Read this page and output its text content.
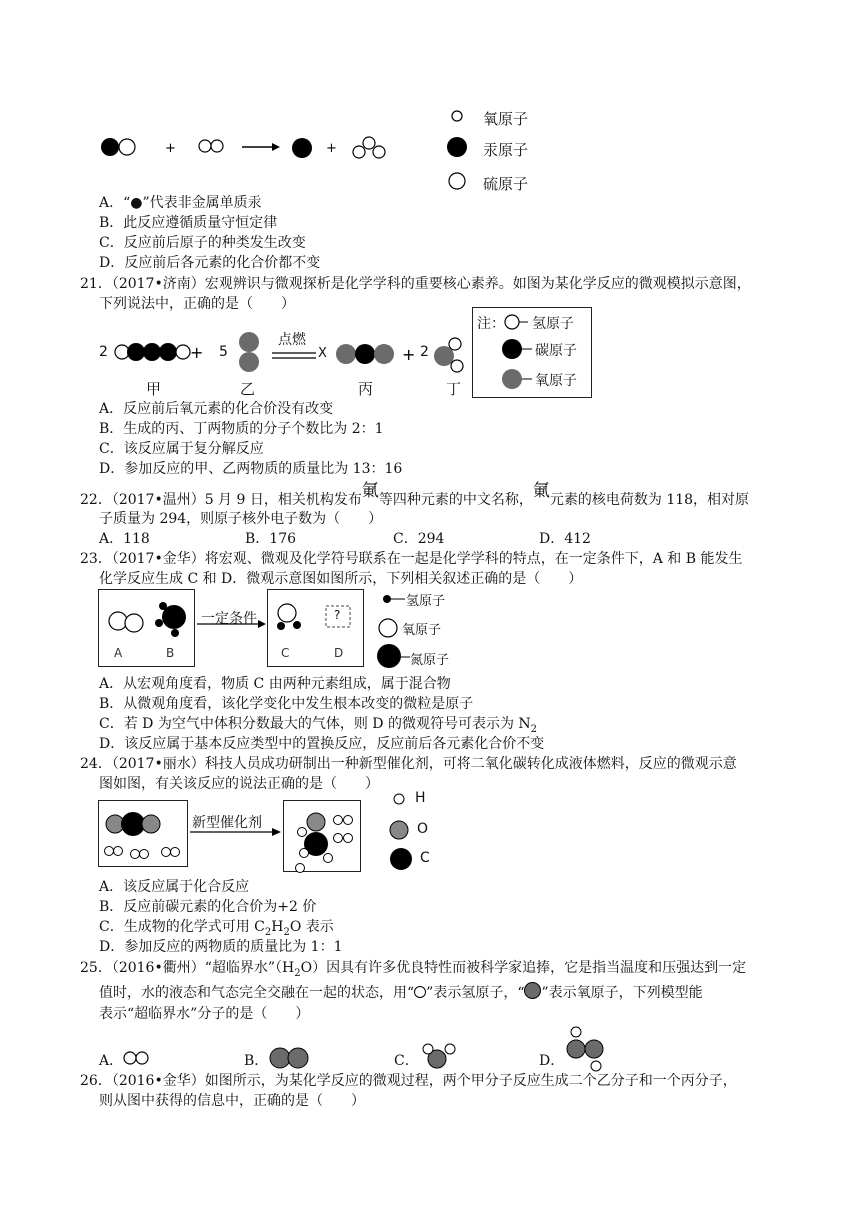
+	+
氧原子
汞原子
硫原子
A．“●”代表非金属单质汞
B．此反应遵循质量守恒定律
C．反应前后原子的种类发生改变
D．反应前后各元素的化合价都不变
21．（2017•济南）宏观辨识与微观探析是化学学科的重要核心素养。如图为某化学反应的微观模拟示意图，
下列说法中，正确的是（　　）
+	+
2	5
点燃
X	2
甲	乙	丙	丁
注： 氢原子
碳原子
氧原子
A．反应前后氧元素的化合价没有改变
B．生成的丙、丁两物质的分子个数比为 2：1
C．该反应属于复分解反应
D．参加反应的甲、乙两物质的质量比为 13：16
22．（2017•温州）5 月 9 日，相关机构发布氭等四种元素的中文名称，氭元素的核电荷数为 118，相对原
子质量为 294，则原子核外电子数为（　　）
A．118	B．176	C．294	D．412
23．（2017•金华）将宏观、微观及化学符号联系在一起是化学学科的特点，在一定条件下，A 和 B 能发生
化学反应生成 C 和 D．微观示意图如图所示，下列相关叙述正确的是（　　）
一定条件	?
A	B	C	D
氢原子
氧原子
氮原子
A．从宏观角度看，物质 C 由两种元素组成，属于混合物
B．从微观角度看，该化学变化中发生根本改变的微粒是原子
C．若 D 为空气中体积分数最大的气体，则 D 的微观符号可表示为 $N_2$
D．该反应属于基本反应类型中的置换反应，反应前后各元素化合价不变
24．（2017•丽水）科技人员成功研制出一种新型催化剂，可将二氧化碳转化成液体燃料，反应的微观示意
图如图，有关该反应的说法正确的是（　　）
新型催化剂
H
O
C
A．该反应属于化合反应
B．反应前碳元素的化合价为+2 价
C．生成物的化学式可用 $C_2H_2O$ 表示
D．参加反应的两物质的质量比为 1：1
25．（2016•衢州）“超临界水$”(H_2O)$因具有许多优良特性而被科学家追捧，它是指当温度和压强达到一定
值时，水的液态和气态完全交融在一起的状态，用“ ”表示氢原子，“ ”表示氧原子，下列模型能
表示“超临界水”分子的是（　　）
A．	B．	C．	D．
26．（2016•金华）如图所示，为某化学反应的微观过程，两个甲分子反应生成二个乙分子和一个丙分子，
则从图中获得的信息中，正确的是（　　）
